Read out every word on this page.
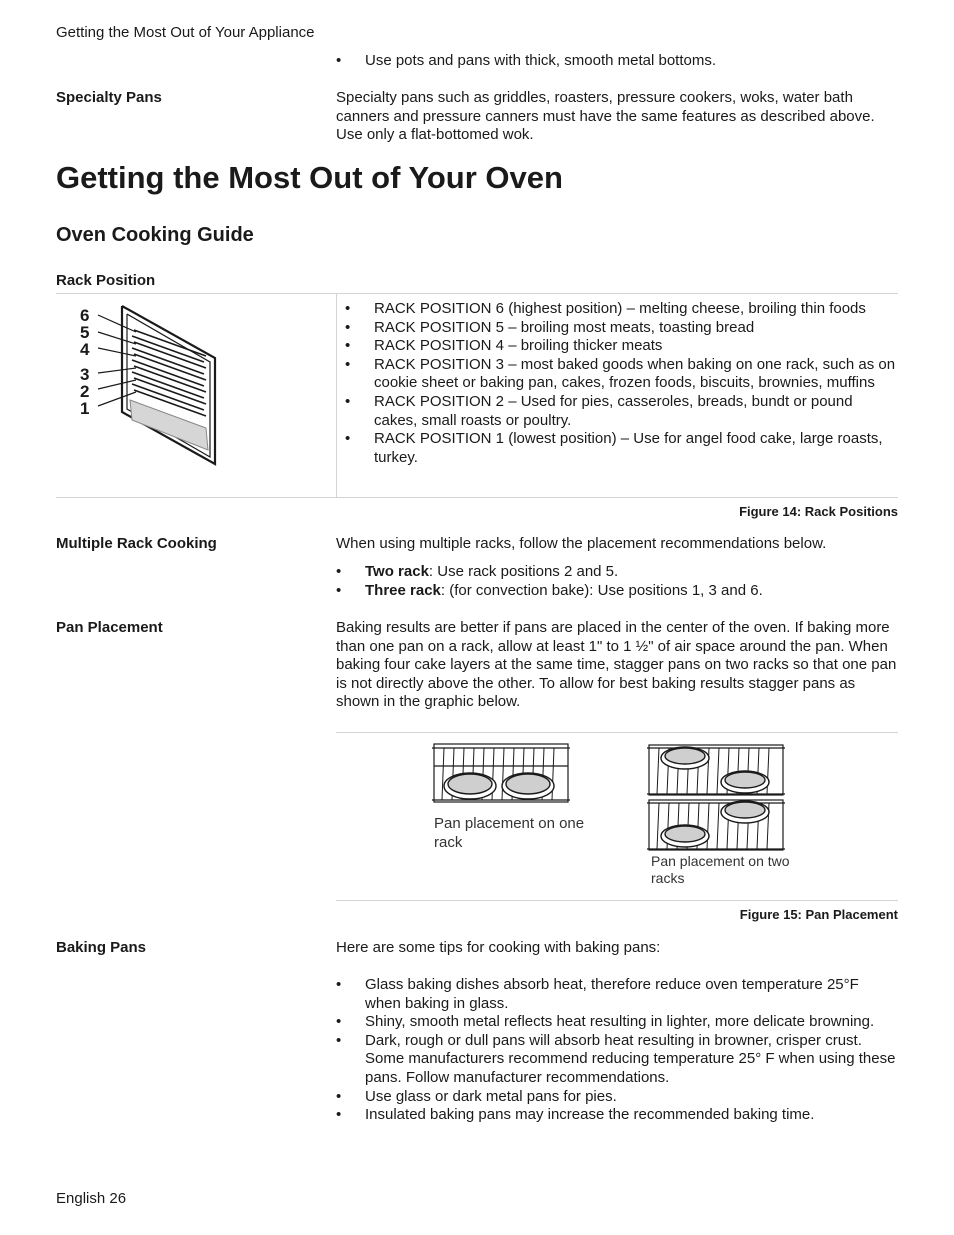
Getting the Most Out of Your Appliance
• Use pots and pans with thick, smooth metal bottoms.
Specialty Pans	Specialty pans such as griddles, roasters, pressure cookers, woks, water bath canners and pressure canners must have the same features as described above. Use only a flat-bottomed wok.
Getting the Most Out of Your Oven
Oven Cooking Guide
Rack Position
6
5
4
3
2
1
• RACK POSITION 6 (highest position) – melting cheese, broiling thin foods
• RACK POSITION 5 – broiling most meats, toasting bread
• RACK POSITION 4 – broiling thicker meats
• RACK POSITION 3 – most baked goods when baking on one rack, such as on cookie sheet or baking pan, cakes, frozen foods, biscuits, brownies, muffins
• RACK POSITION 2 – Used for pies, casseroles, breads, bundt or pound cakes, small roasts or poultry.
• RACK POSITION 1 (lowest position) – Use for angel food cake, large roasts, turkey.
Figure 14: Rack Positions
Multiple Rack Cooking	When using multiple racks, follow the placement recommendations below.
• Two rack: Use rack positions 2 and 5.
• Three rack: (for convection bake): Use positions 1, 3 and 6.
Pan Placement	Baking results are better if pans are placed in the center of the oven. If baking more than one pan on a rack, allow at least 1" to 1 ½" of air space around the pan. When baking four cake layers at the same time, stagger pans on two racks so that one pan is not directly above the other. To allow for best baking results stagger pans as shown in the graphic below.
Pan placement on one rack
Pan placement on two racks
Figure 15: Pan Placement
Baking Pans	Here are some tips for cooking with baking pans:
• Glass baking dishes absorb heat, therefore reduce oven temperature 25°F when baking in glass.
• Shiny, smooth metal reflects heat resulting in lighter, more delicate browning.
• Dark, rough or dull pans will absorb heat resulting in browner, crisper crust. Some manufacturers recommend reducing temperature 25° F when using these pans. Follow manufacturer recommendations.
• Use glass or dark metal pans for pies.
• Insulated baking pans may increase the recommended baking time.
English 26
